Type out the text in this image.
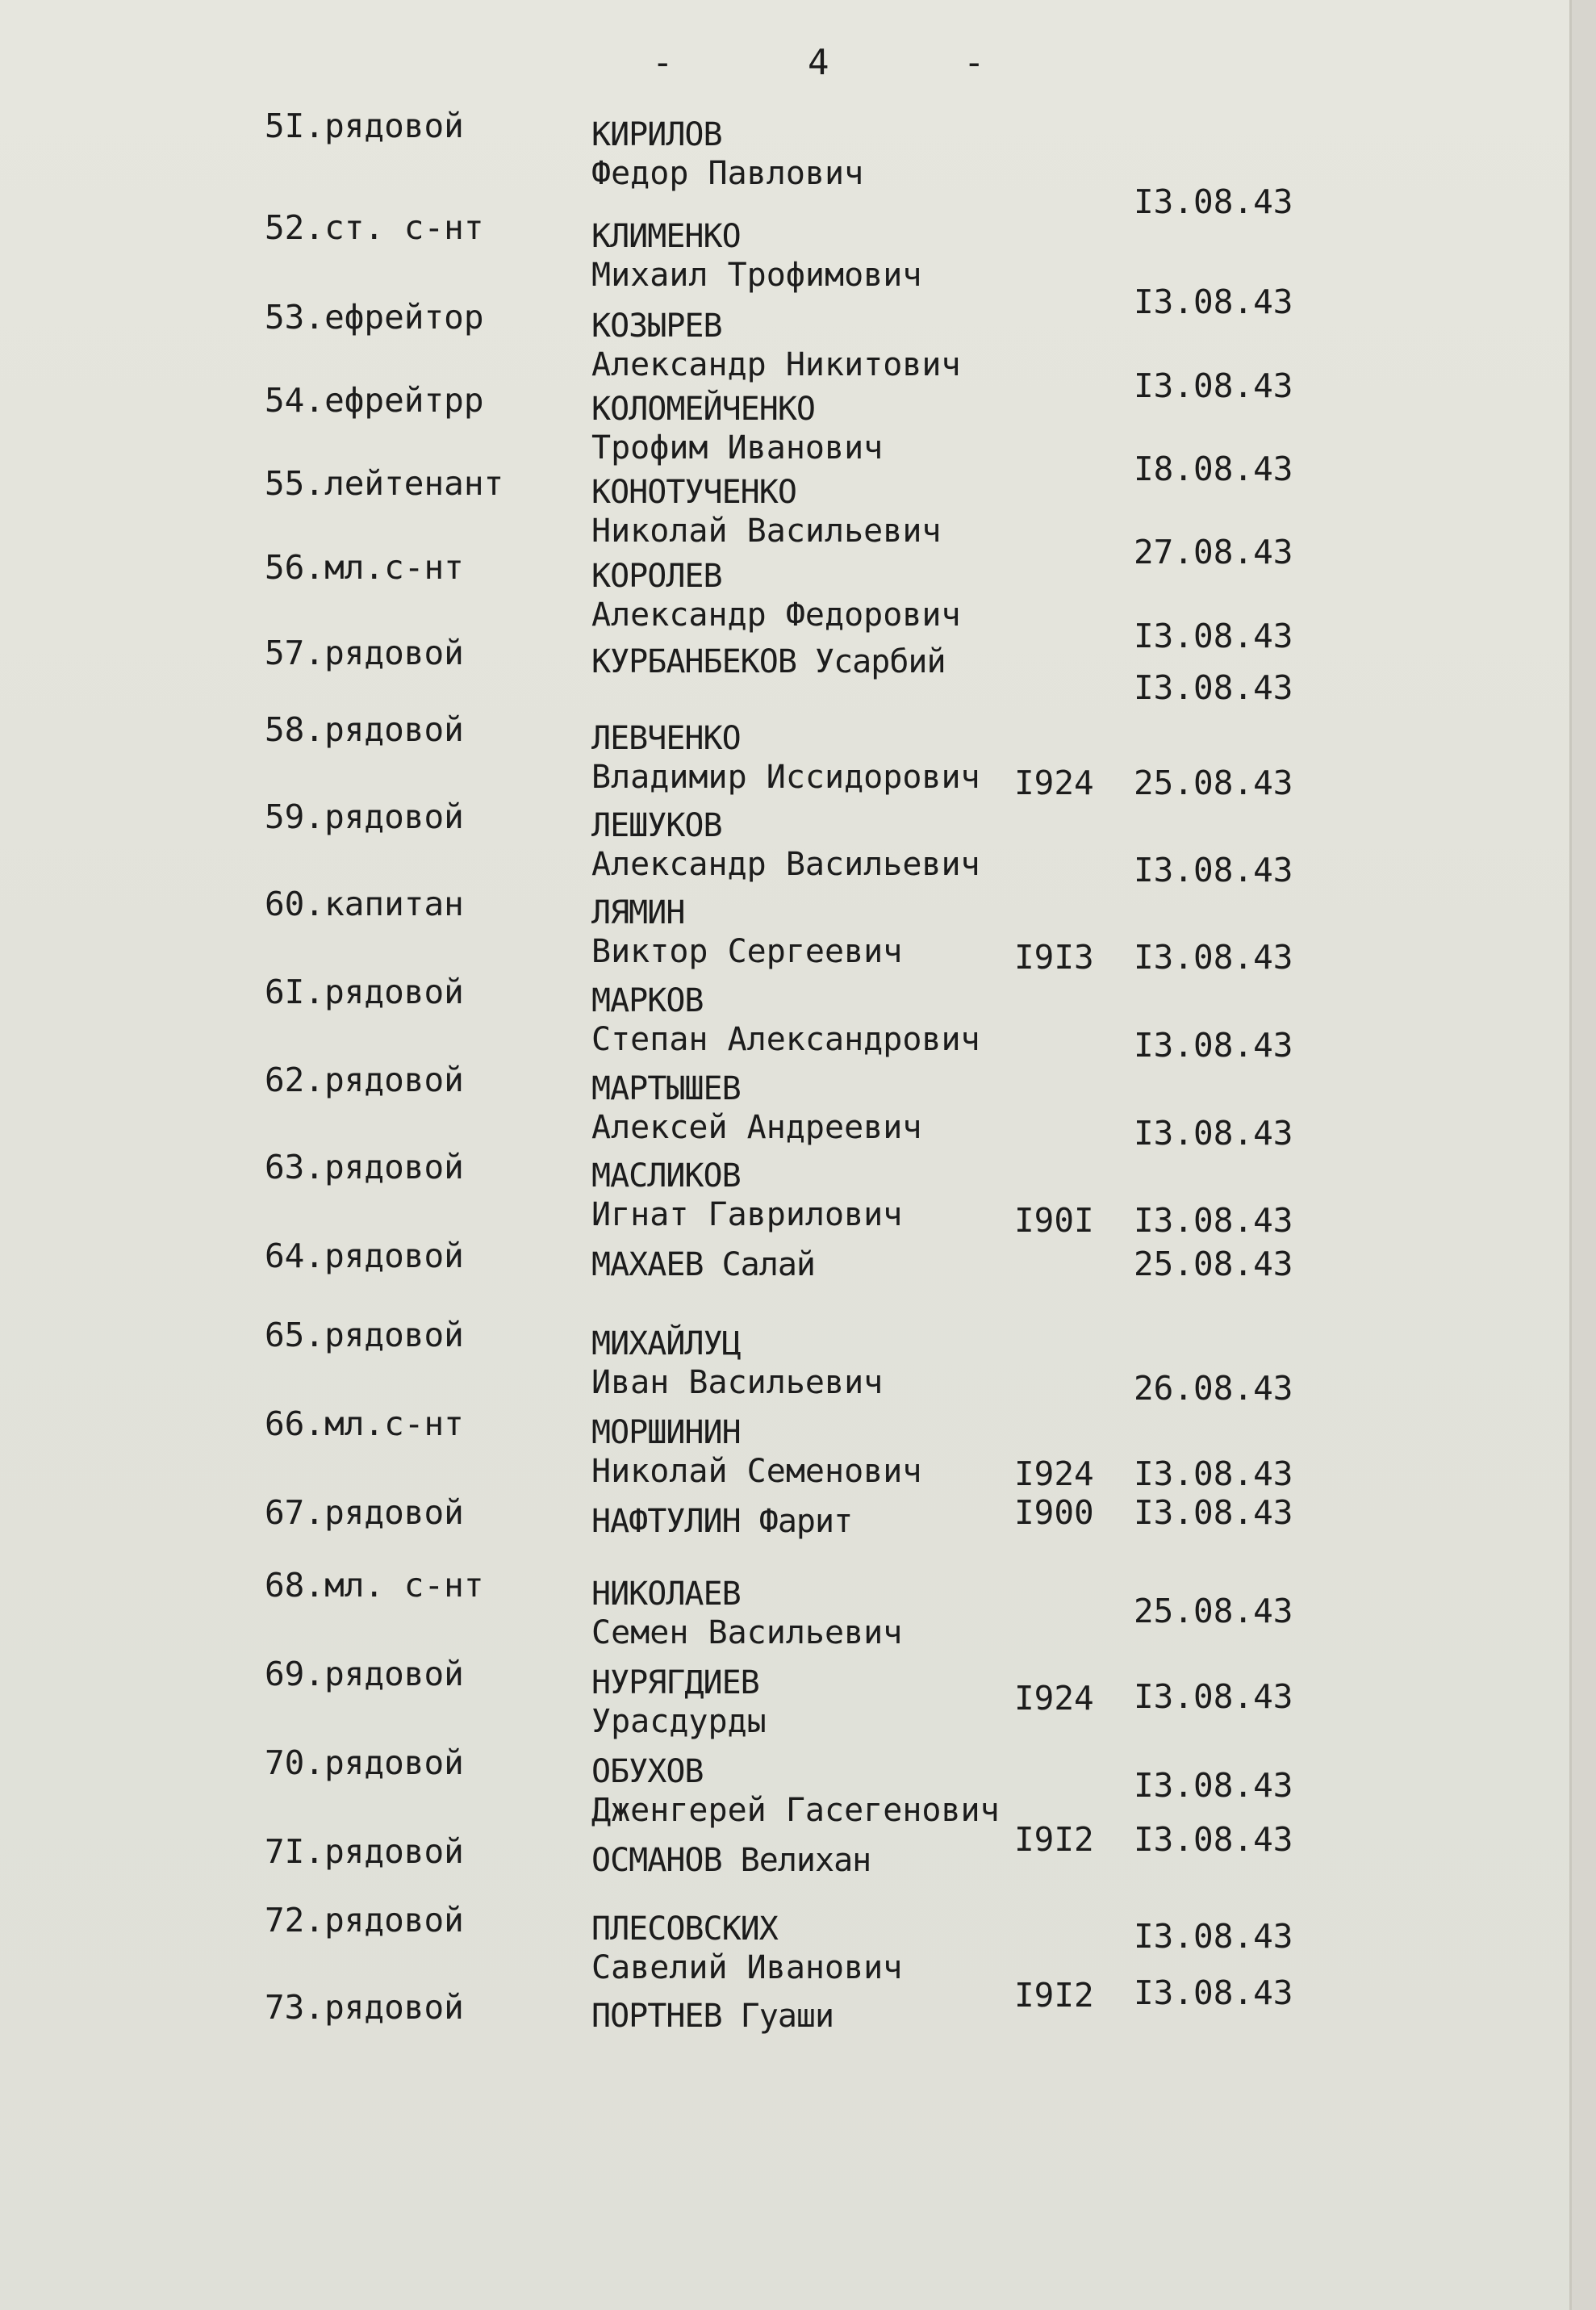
- 4 -
5I.рядовой	КИРИЛОВ
Федор Павлович
I3.08.43
52.ст. с-нт	КЛИМЕНКО
Михаил Трофимович
I3.08.43
53.ефрейтор	КОЗЫРЕВ
Александр Никитович
I3.08.43
54.ефрейтрр	КОЛОМЕЙЧЕНКО
Трофим Иванович
I8.08.43
55.лейтенант	КОНОТУЧЕНКО
Николай Васильевич
27.08.43
56.мл.с-нт	КОРОЛЕВ
Александр Федорович
I3.08.43
57.рядовой	КУРБАНБЕКОВ Усарбий
I3.08.43
58.рядовой	ЛЕВЧЕНКО
Владимир Иссидорович I924 25.08.43
59.рядовой	ЛЕШУКОВ
Александр Васильевич	I3.08.43
60.капитан	ЛЯМИН
Виктор Сергеевич	I9I3 I3.08.43
6I.рядовой	МАРКОВ
Степан Александрович	I3.08.43
62.рядовой	МАРТЫШЕВ
Алексей Андреевич	I3.08.43
63.рядовой	МАСЛИКОВ
Игнат Гаврилович	I90I I3.08.43
64.рядовой	МАХАЕВ Салай	25.08.43
65.рядовой	МИХАЙЛУЦ
Иван Васильевич	26.08.43
66.мл.с-нт	МОРШИНИН
Николай Семенович	I924 I3.08.43
67.рядовой	НАФТУЛИН Фарит	I900 I3.08.43
68.мл. с-нт	НИКОЛАЕВ
Семен Васильевич
25.08.43
69.рядовой	НУРЯГДИЕВ
Урасдурды
I924 I3.08.43
70.рядовой	ОБУХОВ
Дженгерей Гасегенович
I3.08.43
7I.рядовой	ОСМАНОВ Велихан
I9I2 I3.08.43
72.рядовой	ПЛЕСОВСКИХ
Савелий Иванович
I3.08.43
73.рядовой	ПОРТНЕВ Гуаши
I9I2 I3.08.43
